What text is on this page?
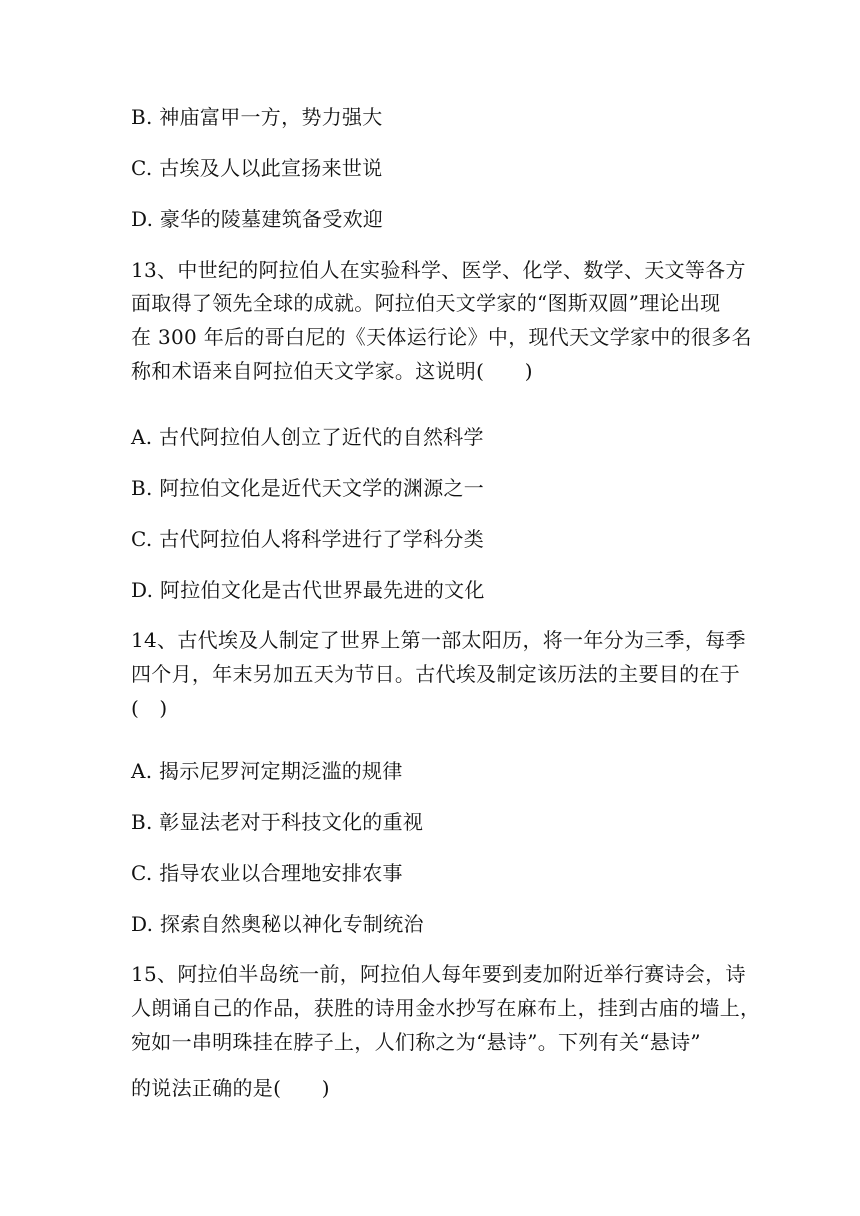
B. 神庙富甲一方，势力强大
C. 古埃及人以此宣扬来世说
D. 豪华的陵墓建筑备受欢迎
13、中世纪的阿拉伯人在实验科学、医学、化学、数学、天文等各方
面取得了领先全球的成就。阿拉伯天文学家的“图斯双圆”理论出现
在 300 年后的哥白尼的《天体运行论》中，现代天文学家中的很多名
称和术语来自阿拉伯天文学家。这说明(　　)
A. 古代阿拉伯人创立了近代的自然科学
B. 阿拉伯文化是近代天文学的渊源之一
C. 古代阿拉伯人将科学进行了学科分类
D. 阿拉伯文化是古代世界最先进的文化
14、古代埃及人制定了世界上第一部太阳历，将一年分为三季，每季
四个月，年末另加五天为节日。古代埃及制定该历法的主要目的在于
(　)
A. 揭示尼罗河定期泛滥的规律
B. 彰显法老对于科技文化的重视
C. 指导农业以合理地安排农事
D. 探索自然奥秘以神化专制统治
15、阿拉伯半岛统一前，阿拉伯人每年要到麦加附近举行赛诗会，诗
人朗诵自己的作品，获胜的诗用金水抄写在麻布上，挂到古庙的墙上，
宛如一串明珠挂在脖子上，人们称之为“悬诗”。下列有关“悬诗”
的说法正确的是(　　)
